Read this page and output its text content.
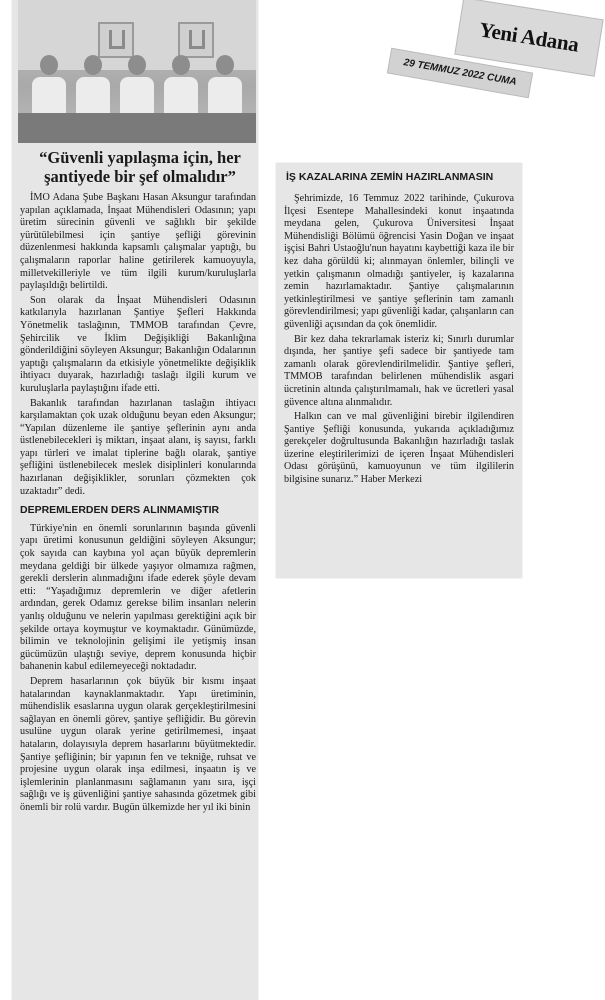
Yeni Adana
29 TEMMUZ 2022 CUMA
“Güvenli yapılaşma için, her şantiyede bir şef olmalıdır”

İMO Adana Şube Başkanı Hasan Aksungur tarafından yapılan açıklamada, İnşaat Mühendisleri Odasının; yapı üretim sürecinin güvenli ve sağlıklı bir şekilde yürütülebilmesi için şantiye şefliği görevinin düzenlenmesi hakkında kapsamlı çalışmalar yaptığı, bu çalışmaların raporlar haline getirilerek kamuoyuyla, milletvekilleriyle ve tüm ilgili kurum/kuruluşlarla paylaşıldığı belirtildi.

Son olarak da İnşaat Mühendisleri Odasının katkılarıyla hazırlanan Şantiye Şefleri Hakkında Yönetmelik taslağının, TMMOB tarafından Çevre, Şehircilik ve İklim Değişikliği Bakanlığına gönderildiğini söyleyen Aksungur; Bakanlığın Odalarının yaptığı çalışmaların da etkisiyle yönetmelikte değişiklik ihtiyacı duyarak, hazırladığı taslağı ilgili kurum ve kuruluşlarla paylaştığını ifade etti.

Bakanlık tarafından hazırlanan taslağın ihtiyacı karşılamaktan çok uzak olduğunu beyan eden Aksungur; “Yapılan düzenleme ile şantiye şeflerinin aynı anda üstlenebilecekleri iş miktarı, inşaat alanı, iş sayısı, farklı yapı türleri ve imalat tiplerine bağlı olarak, şantiye şefliğini üstlenebilecek meslek disiplinleri konularında hazırlanan değişiklikler, sorunları çözmekten çok uzaktadır” dedi.

DEPREMLERDEN DERS ALINMAMIŞTIR

Türkiye'nin en önemli sorunlarının başında güvenli yapı üretimi konusunun geldiğini söyleyen Aksungur; çok sayıda can kaybına yol açan büyük depremlerin meydana geldiği bir ülkede yaşıyor olmamıza rağmen, gerekli derslerin alınmadığını ifade ederek şöyle devam etti: “Yaşadığımız depremlerin ve diğer afetlerin ardından, gerek Odamız gerekse bilim insanları nelerin yanlış olduğunu ve nelerin yapılması gerektiğini açık bir şekilde ortaya koymuştur ve koymaktadır. Günümüzde, bilimin ve teknolojinin gelişimi ile yetişmiş insan gücümüzün ulaştığı seviye, deprem konusunda hiçbir bahanenin kabul edilemeyeceği noktadadır.

Deprem hasarlarının çok büyük bir kısmı inşaat hatalarından kaynaklanmaktadır. Yapı üretiminin, mühendislik esaslarına uygun olarak gerçekleştirilmesini sağlayan en önemli görev, şantiye şefliğidir. Bu görevin usulüne uygun olarak yerine getirilmemesi, inşaat hataların, dolayısıyla deprem hasarlarını büyütmektedir. Şantiye şefliğinin; bir yapının fen ve tekniğe, ruhsat ve projesine uygun olarak inşa edilmesi, inşaatın iş ve işlemlerinin planlanmasını sağlamanın yanı sıra, işçi sağlığı ve iş güvenliğini şantiye sahasında gözetmek gibi önemli bir rolü vardır. Bugün ülkemizde her yıl iki binin

İŞ KAZALARINA ZEMİN HAZIRLANMASIN

Şehrimizde, 16 Temmuz 2022 tarihinde, Çukurova İlçesi Esentepe Mahallesindeki konut inşaatında meydana gelen, Çukurova Üniversitesi İnşaat Mühendisliği Bölümü öğrencisi Yasin Doğan ve inşaat işçisi Bahri Ustaoğlu'nun hayatını kaybettiği kaza ile bir kez daha görüldü ki; alınmayan önlemler, bilinçli ve yetkin çalışmanın olmadığı şantiyeler, iş kazalarına zemin hazırlamaktadır. Şantiye çalışmalarının yetkinleştirilmesi ve şantiye şeflerinin tam zamanlı görevlendirilmesi; yapı güvenliği kadar, çalışanların can güvenliği açısından da çok önemlidir.

Bir kez daha tekrarlamak isteriz ki; Sınırlı durumlar dışında, her şantiye şefi sadece bir şantiyede tam zamanlı olarak görevlendirilmelidir. Şantiye şefleri, TMMOB tarafından belirlenen mühendislik asgari ücretinin altında çalıştırılmamalı, hak ve ücretleri yasal güvence altına alınmalıdır.

Halkın can ve mal güvenliğini birebir ilgilendiren Şantiye Şefliği konusunda, yukarıda açıkladığımız gerekçeler doğrultusunda Bakanlığın hazırladığı taslak üzerine eleştirilerimizi de içeren İnşaat Mühendisleri Odası görüşünü, kamuoyunun ve tüm ilgililerin bilgisine sunarız.” Haber Merkezi
